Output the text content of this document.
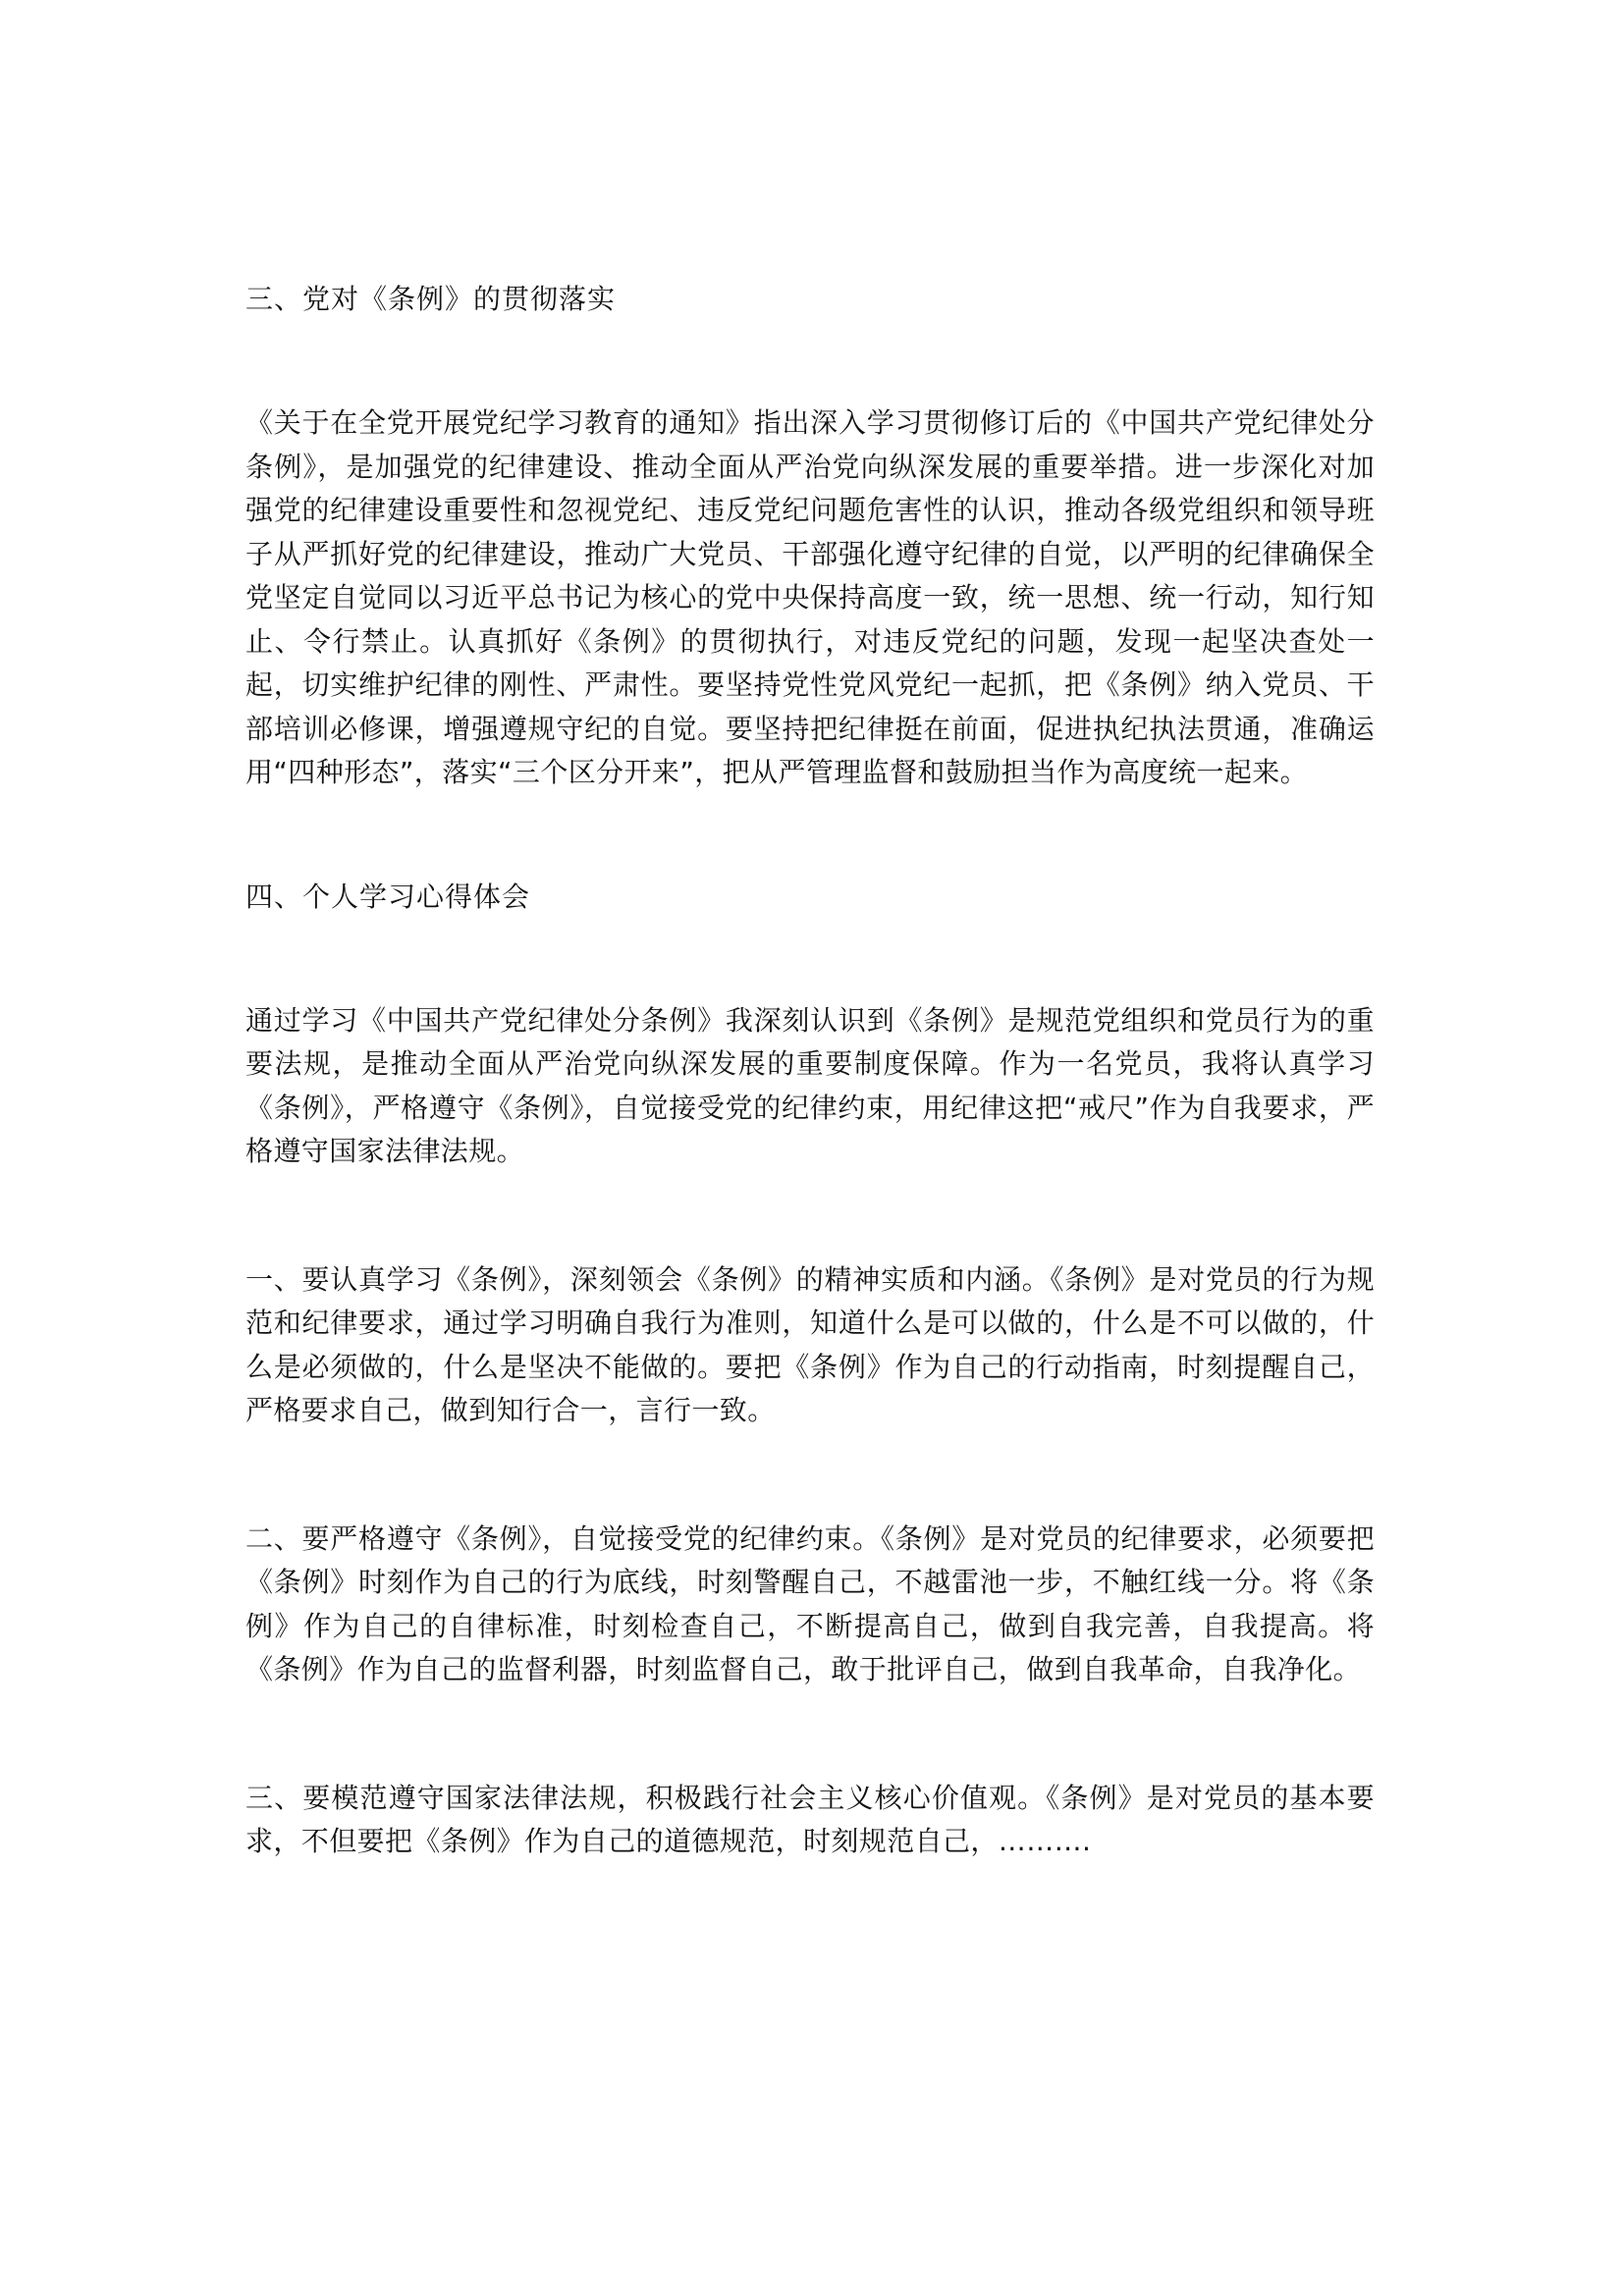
三、党对《条例》的贯彻落实

《关于在全党开展党纪学习教育的通知》指出深入学习贯彻修订后的《中国共产党纪律处分条例》，是加强党的纪律建设、推动全面从严治党向纵深发展的重要举措。进一步深化对加强党的纪律建设重要性和忽视党纪、违反党纪问题危害性的认识，推动各级党组织和领导班子从严抓好党的纪律建设，推动广大党员、干部强化遵守纪律的自觉，以严明的纪律确保全党坚定自觉同以习近平总书记为核心的党中央保持高度一致，统一思想、统一行动，知行知止、令行禁止。认真抓好《条例》的贯彻执行，对违反党纪的问题，发现一起坚决查处一起，切实维护纪律的刚性、严肃性。要坚持党性党风党纪一起抓，把《条例》纳入党员、干部培训必修课，增强遵规守纪的自觉。要坚持把纪律挺在前面，促进执纪执法贯通，准确运用“四种形态”，落实“三个区分开来”，把从严管理监督和鼓励担当作为高度统一起来。

四、个人学习心得体会

通过学习《中国共产党纪律处分条例》我深刻认识到《条例》是规范党组织和党员行为的重要法规，是推动全面从严治党向纵深发展的重要制度保障。作为一名党员，我将认真学习《条例》，严格遵守《条例》，自觉接受党的纪律约束，用纪律这把“戒尺”作为自我要求，严格遵守国家法律法规。

一、要认真学习《条例》，深刻领会《条例》的精神实质和内涵。《条例》是对党员的行为规范和纪律要求，通过学习明确自我行为准则，知道什么是可以做的，什么是不可以做的，什么是必须做的，什么是坚决不能做的。要把《条例》作为自己的行动指南，时刻提醒自己，严格要求自己，做到知行合一，言行一致。

二、要严格遵守《条例》，自觉接受党的纪律约束。《条例》是对党员的纪律要求，必须要把《条例》时刻作为自己的行为底线，时刻警醒自己，不越雷池一步，不触红线一分。将《条例》作为自己的自律标准，时刻检查自己，不断提高自己，做到自我完善，自我提高。将《条例》作为自己的监督利器，时刻监督自己，敢于批评自己，做到自我革命，自我净化。

三、要模范遵守国家法律法规，积极践行社会主义核心价值观。《条例》是对党员的基本要求，不但要把《条例》作为自己的道德规范，时刻规范自己，……….
